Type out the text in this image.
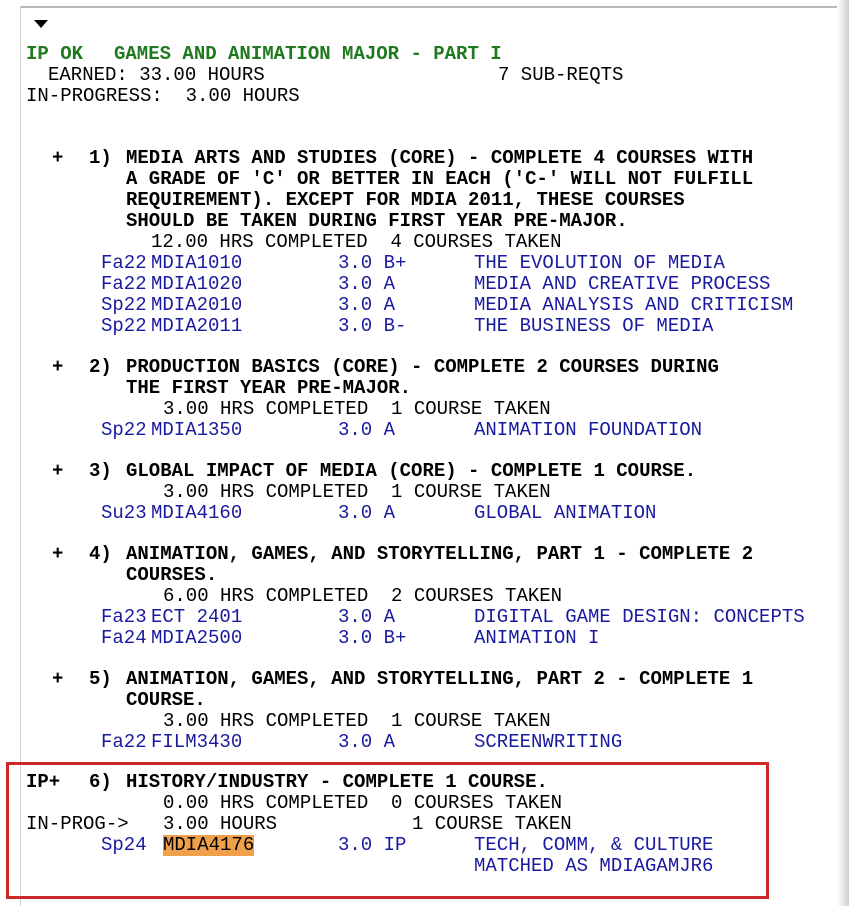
IP OK GAMES AND ANIMATION MAJOR - PART I
EARNED: 33.00 HOURS	7 SUB-REQTS
IN-PROGRESS:  3.00 HOURS
+ 1) MEDIA ARTS AND STUDIES (CORE) - COMPLETE 4 COURSES WITH
A GRADE OF 'C' OR BETTER IN EACH ('C-' WILL NOT FULFILL
REQUIREMENT). EXCEPT FOR MDIA 2011, THESE COURSES
SHOULD BE TAKEN DURING FIRST YEAR PRE-MAJOR.
12.00 HRS COMPLETED  4 COURSES TAKEN
Fa22 MDIA1010	3.0 B+	THE EVOLUTION OF MEDIA
Fa22 MDIA1020	3.0 A	MEDIA AND CREATIVE PROCESS
Sp22 MDIA2010	3.0 A	MEDIA ANALYSIS AND CRITICISM
Sp22 MDIA2011	3.0 B-	THE BUSINESS OF MEDIA
+ 2) PRODUCTION BASICS (CORE) - COMPLETE 2 COURSES DURING
THE FIRST YEAR PRE-MAJOR.
3.00 HRS COMPLETED  1 COURSE TAKEN
Sp22 MDIA1350	3.0 A	ANIMATION FOUNDATION
+ 3) GLOBAL IMPACT OF MEDIA (CORE) - COMPLETE 1 COURSE.
3.00 HRS COMPLETED  1 COURSE TAKEN
Su23 MDIA4160	3.0 A	GLOBAL ANIMATION
+ 4) ANIMATION, GAMES, AND STORYTELLING, PART 1 - COMPLETE 2
COURSES.
6.00 HRS COMPLETED  2 COURSES TAKEN
Fa23 ECT 2401	3.0 A	DIGITAL GAME DESIGN: CONCEPTS
Fa24 MDIA2500	3.0 B+	ANIMATION I
+ 5) ANIMATION, GAMES, AND STORYTELLING, PART 2 - COMPLETE 1
COURSE.
3.00 HRS COMPLETED  1 COURSE TAKEN
Fa22 FILM3430	3.0 A	SCREENWRITING
IP+ 6) HISTORY/INDUSTRY - COMPLETE 1 COURSE.
0.00 HRS COMPLETED  0 COURSES TAKEN
IN-PROG-> 3.00 HOURS	1 COURSE TAKEN
Sp24 MDIA4176	3.0 IP	TECH, COMM, & CULTURE
MATCHED AS MDIAGAMJR6
